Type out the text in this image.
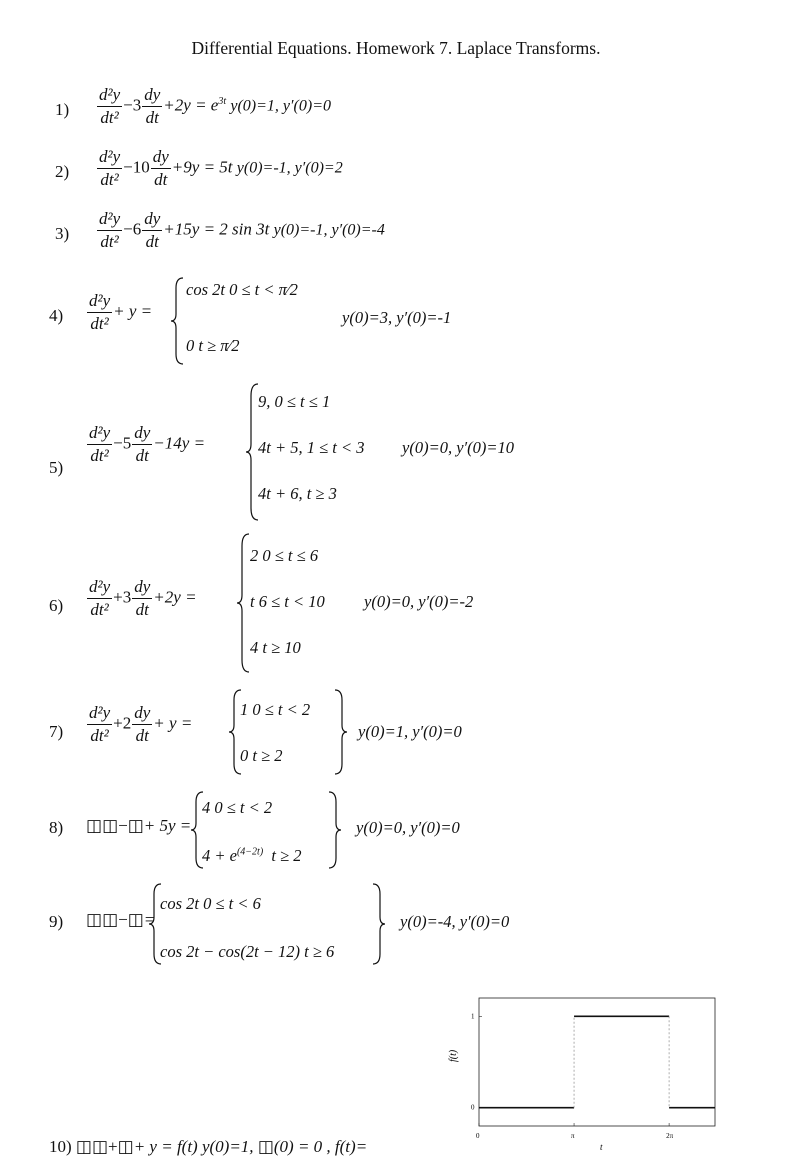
Differential Equations. Homework 7. Laplace Transforms.
$1) \frac{\text{d²y}}{\text{dt²}} -3 \frac{dy}{dt} +2y = e^{3t}$ y(0)=1, y′(0)=0
$2) \frac{\text{d²y}}{\text{dt²}} -10 \frac{dy}{dt} +9y = 5t$ y(0)=-1, y′(0)=2
$3) \frac{\text{d²y}}{\text{dt²}} -6 \frac{dy}{dt} +15y = 2$ sin 3t y(0)=-1, y′(0)=-4
$4) \frac{\text{d²y}}{\text{dt²}} + y$ =
cos 2t 0 ≤ t < π⁄2
0 t ≥ π⁄2
y(0)=3, y′(0)=-1
5)
$\frac{\text{d²y}}{\text{dt²}} -5 \frac{dy}{dt} -14y$ =
9, 0 ≤ t ≤ 1
4t + 5, 1 ≤ t < 3
4t + 6, t ≥ 3
y(0)=0, y′(0)=10
$6) \frac{\text{d²y}}{\text{dt²}} +3 \frac{dy}{dt} +2y$ =
2 0 ≤ t ≤ 6
t 6 ≤ t < 10
4 t ≥ 10
y(0)=0, y′(0)=-2
$7) \frac{\text{d²y}}{\text{dt²}} +2 \frac{dy}{dt} + y$ =
1 0 ≤ t < 2
0 t ≥ 2
y(0)=1, y′(0)=0
8) ◫◫−◫+ 5y =
4 0 ≤ t < 2
$4 + e^{(4-2t)}$ t ≥ 2
y(0)=0, y′(0)=0
9) ◫◫−◫=
cos 2t 0 ≤ t < 6
cos 2t − cos(2t − 12) t ≥ 6
y(0)=-4, y′(0)=0
0	π	2π
0
1
t
f(t)
10) ◫◫+◫+ y = f(t) y(0)=1, ◫(0) = 0 , f(t)=
